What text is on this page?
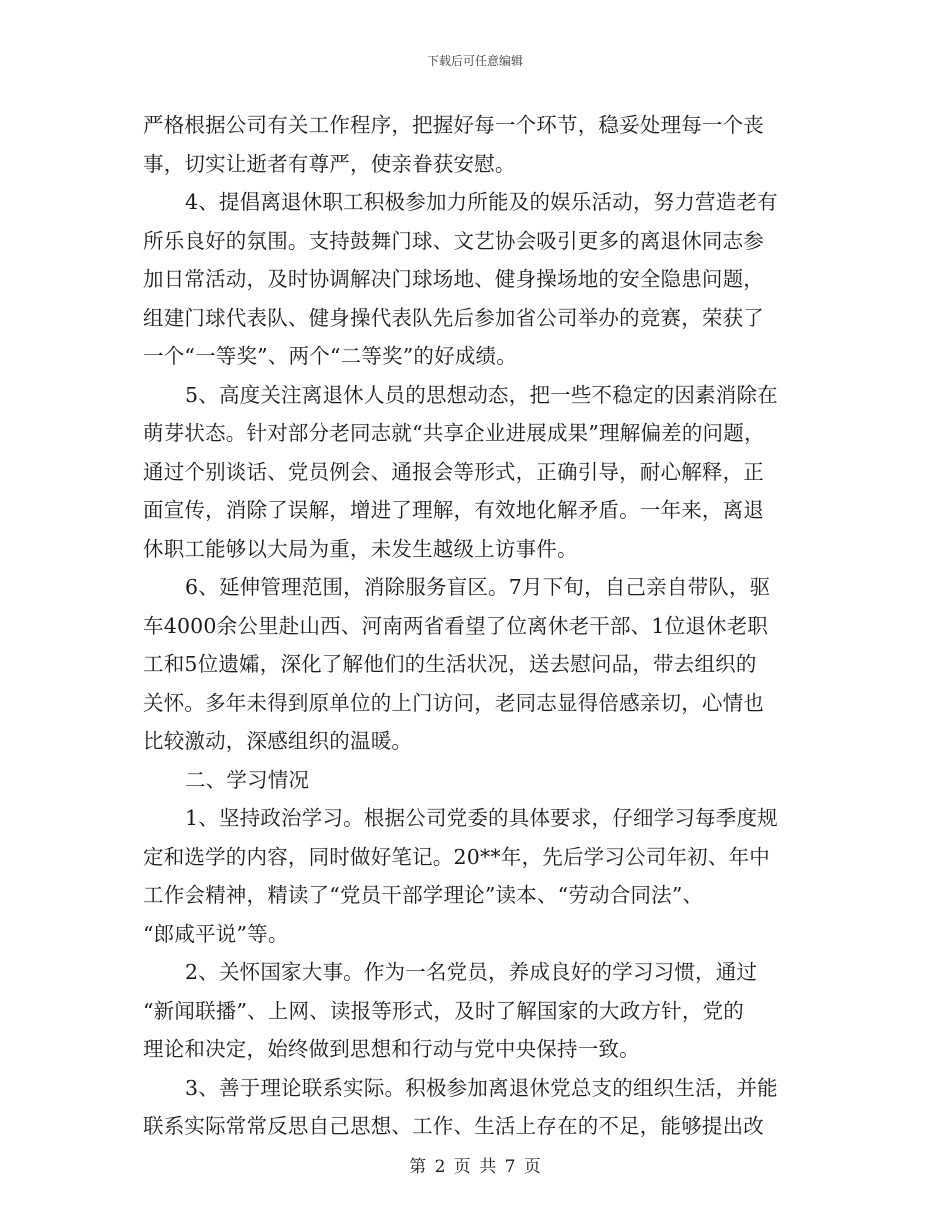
下载后可任意编辑
严格根据公司有关工作程序，把握好每一个环节，稳妥处理每一个丧
事，切实让逝者有尊严，使亲眷获安慰。
4、提倡离退休职工积极参加力所能及的娱乐活动，努力营造老有
所乐良好的氛围。支持鼓舞门球、文艺协会吸引更多的离退休同志参
加日常活动，及时协调解决门球场地、健身操场地的安全隐患问题，
组建门球代表队、健身操代表队先后参加省公司举办的竞赛，荣获了
一个“一等奖”、两个“二等奖”的好成绩。
5、高度关注离退休人员的思想动态，把一些不稳定的因素消除在
萌芽状态。针对部分老同志就“共享企业进展成果”理解偏差的问题，
通过个别谈话、党员例会、通报会等形式，正确引导，耐心解释，正
面宣传，消除了误解，增进了理解，有效地化解矛盾。一年来，离退
休职工能够以大局为重，未发生越级上访事件。
6、延伸管理范围，消除服务盲区。7月下旬，自己亲自带队，驱
车4000余公里赴山西、河南两省看望了位离休老干部、1位退休老职
工和5位遗孀，深化了解他们的生活状况，送去慰问品，带去组织的
关怀。多年未得到原单位的上门访问，老同志显得倍感亲切，心情也
比较激动，深感组织的温暖。
二、学习情况
1、坚持政治学习。根据公司党委的具体要求，仔细学习每季度规
定和选学的内容，同时做好笔记。20**年，先后学习公司年初、年中
工作会精神，精读了“党员干部学理论”读本、“劳动合同法”、
“郎咸平说”等。
2、关怀国家大事。作为一名党员，养成良好的学习习惯，通过
“新闻联播”、上网、读报等形式，及时了解国家的大政方针，党的
理论和决定，始终做到思想和行动与党中央保持一致。
3、善于理论联系实际。积极参加离退休党总支的组织生活，并能
联系实际常常反思自己思想、工作、生活上存在的不足，能够提出改
第 2 页 共 7 页
